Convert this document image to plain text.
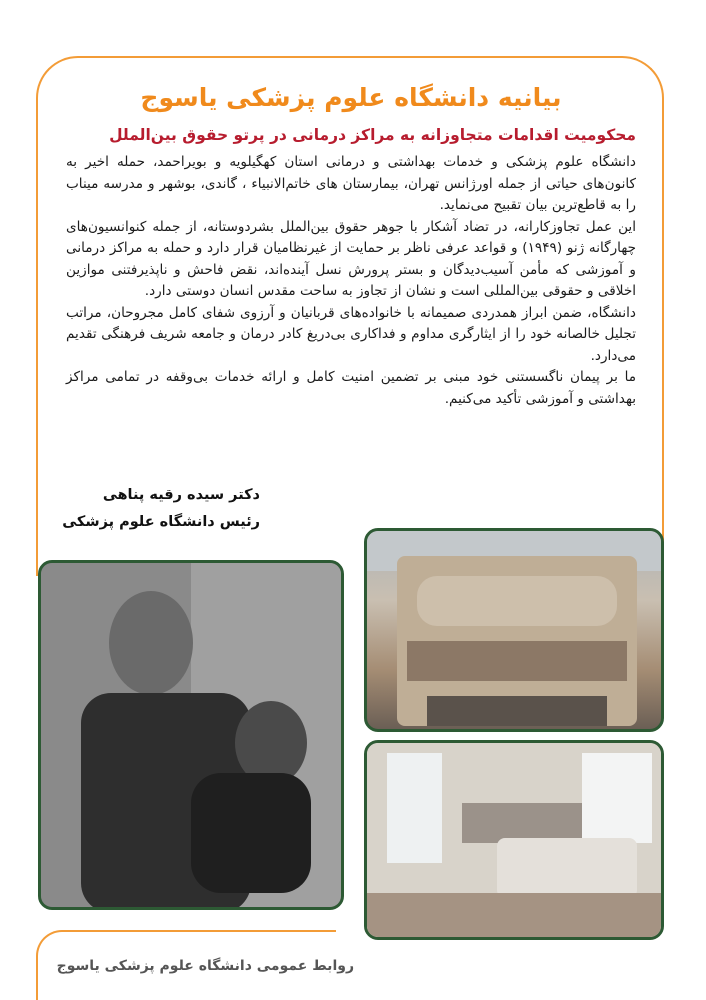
بیانیه دانشگاه علوم پزشکی یاسوج
محکومیت اقدامات متجاوزانه به مراکز درمانی در پرتو حقوق بین‌الملل

دانشگاه علوم پزشکی و خدمات بهداشتی و درمانی استان کهگیلویه و بویراحمد، حمله اخیر به کانون‌های حیاتی از جمله اورژانس تهران، بیمارستان های خاتم‌الانبیاء ، گاندی، بوشهر و مدرسه میناب را به قاطع‌ترین بیان تقبیح می‌نماید.

این عمل تجاوزکارانه، در تضاد آشکار با جوهر حقوق بین‌الملل بشردوستانه، از جمله کنوانسیون‌های چهارگانه ژنو (۱۹۴۹) و قواعد عرفی ناظر بر حمایت از غیرنظامیان قرار دارد و حمله به مراکز درمانی و آموزشی که مأمن آسیب‌دیدگان و بستر پرورش نسل آینده‌اند، نقض فاحش و ناپذیرفتنی موازین اخلاقی و حقوقی بین‌المللی است و نشان از تجاوز به ساحت مقدس انسان دوستی دارد.

دانشگاه، ضمن ابراز همدردی صمیمانه با خانواده‌های قربانیان و آرزوی شفای کامل مجروحان، مراتب تجلیل خالصانه خود را از ایثارگری مداوم و فداکاری بی‌دریغ کادر درمان و جامعه شریف فرهنگی تقدیم می‌دارد.

ما بر پیمان ناگسستنی خود مبنی بر تضمین امنیت کامل و ارائه خدمات بی‌وقفه در تمامی مراکز بهداشتی و آموزشی تأکید می‌کنیم.

دکتر سیده رقیه پناهی
رئیس دانشگاه علوم پزشکی
روابط عمومی دانشگاه علوم پزشکی یاسوج
